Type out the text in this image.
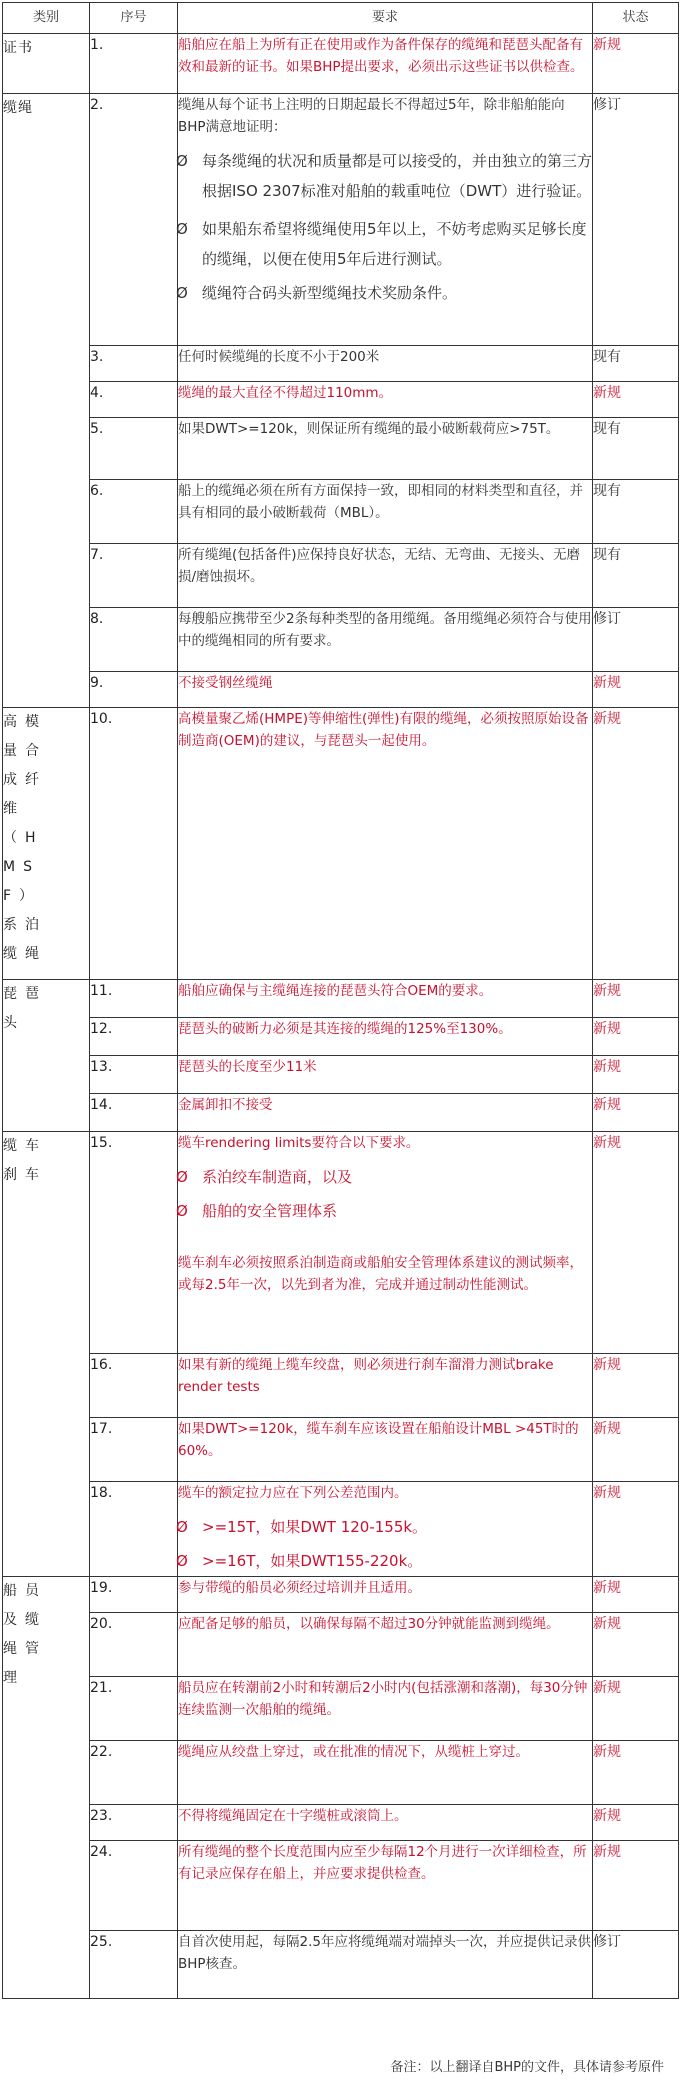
类别	序号	要求	状态
证书	1.	船舶应在船上为所有正在使用或作为备件保存的缆绳和琵琶头配备有效和最新的证书。如果BHP提出要求，必须出示这些证书以供检查。	新规
缆绳	2.	缆绳从每个证书上注明的日期起最长不得超过5年，除非船舶能向BHP满意地证明：
Ø 每条缆绳的状况和质量都是可以接受的，并由独立的第三方根据ISO 2307标准对船舶的载重吨位（DWT）进行验证。
Ø 如果船东希望将缆绳使用5年以上，不妨考虑购买足够长度的缆绳，以便在使用5年后进行测试。
Ø 缆绳符合码头新型缆绳技术奖励条件。	修订
	3.	任何时候缆绳的长度不小于200米	现有
	4.	缆绳的最大直径不得超过110mm。	新规
	5.	如果DWT>=120k，则保证所有缆绳的最小破断载荷应>75T。	现有
	6.	船上的缆绳必须在所有方面保持一致，即相同的材料类型和直径，并具有相同的最小破断载荷（MBL）。	现有
	7.	所有缆绳(包括备件)应保持良好状态，无结、无弯曲、无接头、无磨损/磨蚀损坏。	现有
	8.	每艘船应携带至少2条每种类型的备用缆绳。备用缆绳必须符合与使用中的缆绳相同的所有要求。	修订
	9.	不接受钢丝缆绳	新规
高模量合成纤维（HMSF）系泊缆绳	10.	高模量聚乙烯(HMPE)等伸缩性(弹性)有限的缆绳，必须按照原始设备制造商(OEM)的建议，与琵琶头一起使用。	新规
琵琶头	11.	船舶应确保与主缆绳连接的琵琶头符合OEM的要求。	新规
	12.	琵琶头的破断力必须是其连接的缆绳的125%至130%。	新规
	13.	琵琶头的长度至少11米	新规
	14.	金属卸扣不接受	新规
缆车刹车	15.	缆车rendering limits要符合以下要求。
Ø 系泊绞车制造商，以及
Ø 船舶的安全管理体系
缆车刹车必须按照系泊制造商或船舶安全管理体系建议的测试频率，或每2.5年一次，以先到者为准，完成并通过制动性能测试。	新规
	16.	如果有新的缆绳上缆车绞盘，则必须进行刹车溜滑力测试brake render tests	新规
	17.	如果DWT>=120k，缆车刹车应该设置在船舶设计MBL >45T时的60%。	新规
	18.	缆车的额定拉力应在下列公差范围内。
Ø >=15T，如果DWT 120-155k。
Ø >=16T，如果DWT155-220k。	新规
船员及缆绳管理	19.	参与带缆的船员必须经过培训并且适用。	新规
	20.	应配备足够的船员，以确保每隔不超过30分钟就能监测到缆绳。	新规
	21.	船员应在转潮前2小时和转潮后2小时内(包括涨潮和落潮)，每30分钟连续监测一次船舶的缆绳。	新规
	22.	缆绳应从绞盘上穿过，或在批准的情况下，从缆桩上穿过。	新规
	23.	不得将缆绳固定在十字缆桩或滚筒上。	新规
	24.	所有缆绳的整个长度范围内应至少每隔12个月进行一次详细检查，所有记录应保存在船上，并应要求提供检查。	新规
	25.	自首次使用起，每隔2.5年应将缆绳端对端掉头一次，并应提供记录供BHP核查。	修订
备注：以上翻译自BHP的文件，具体请参考原件
